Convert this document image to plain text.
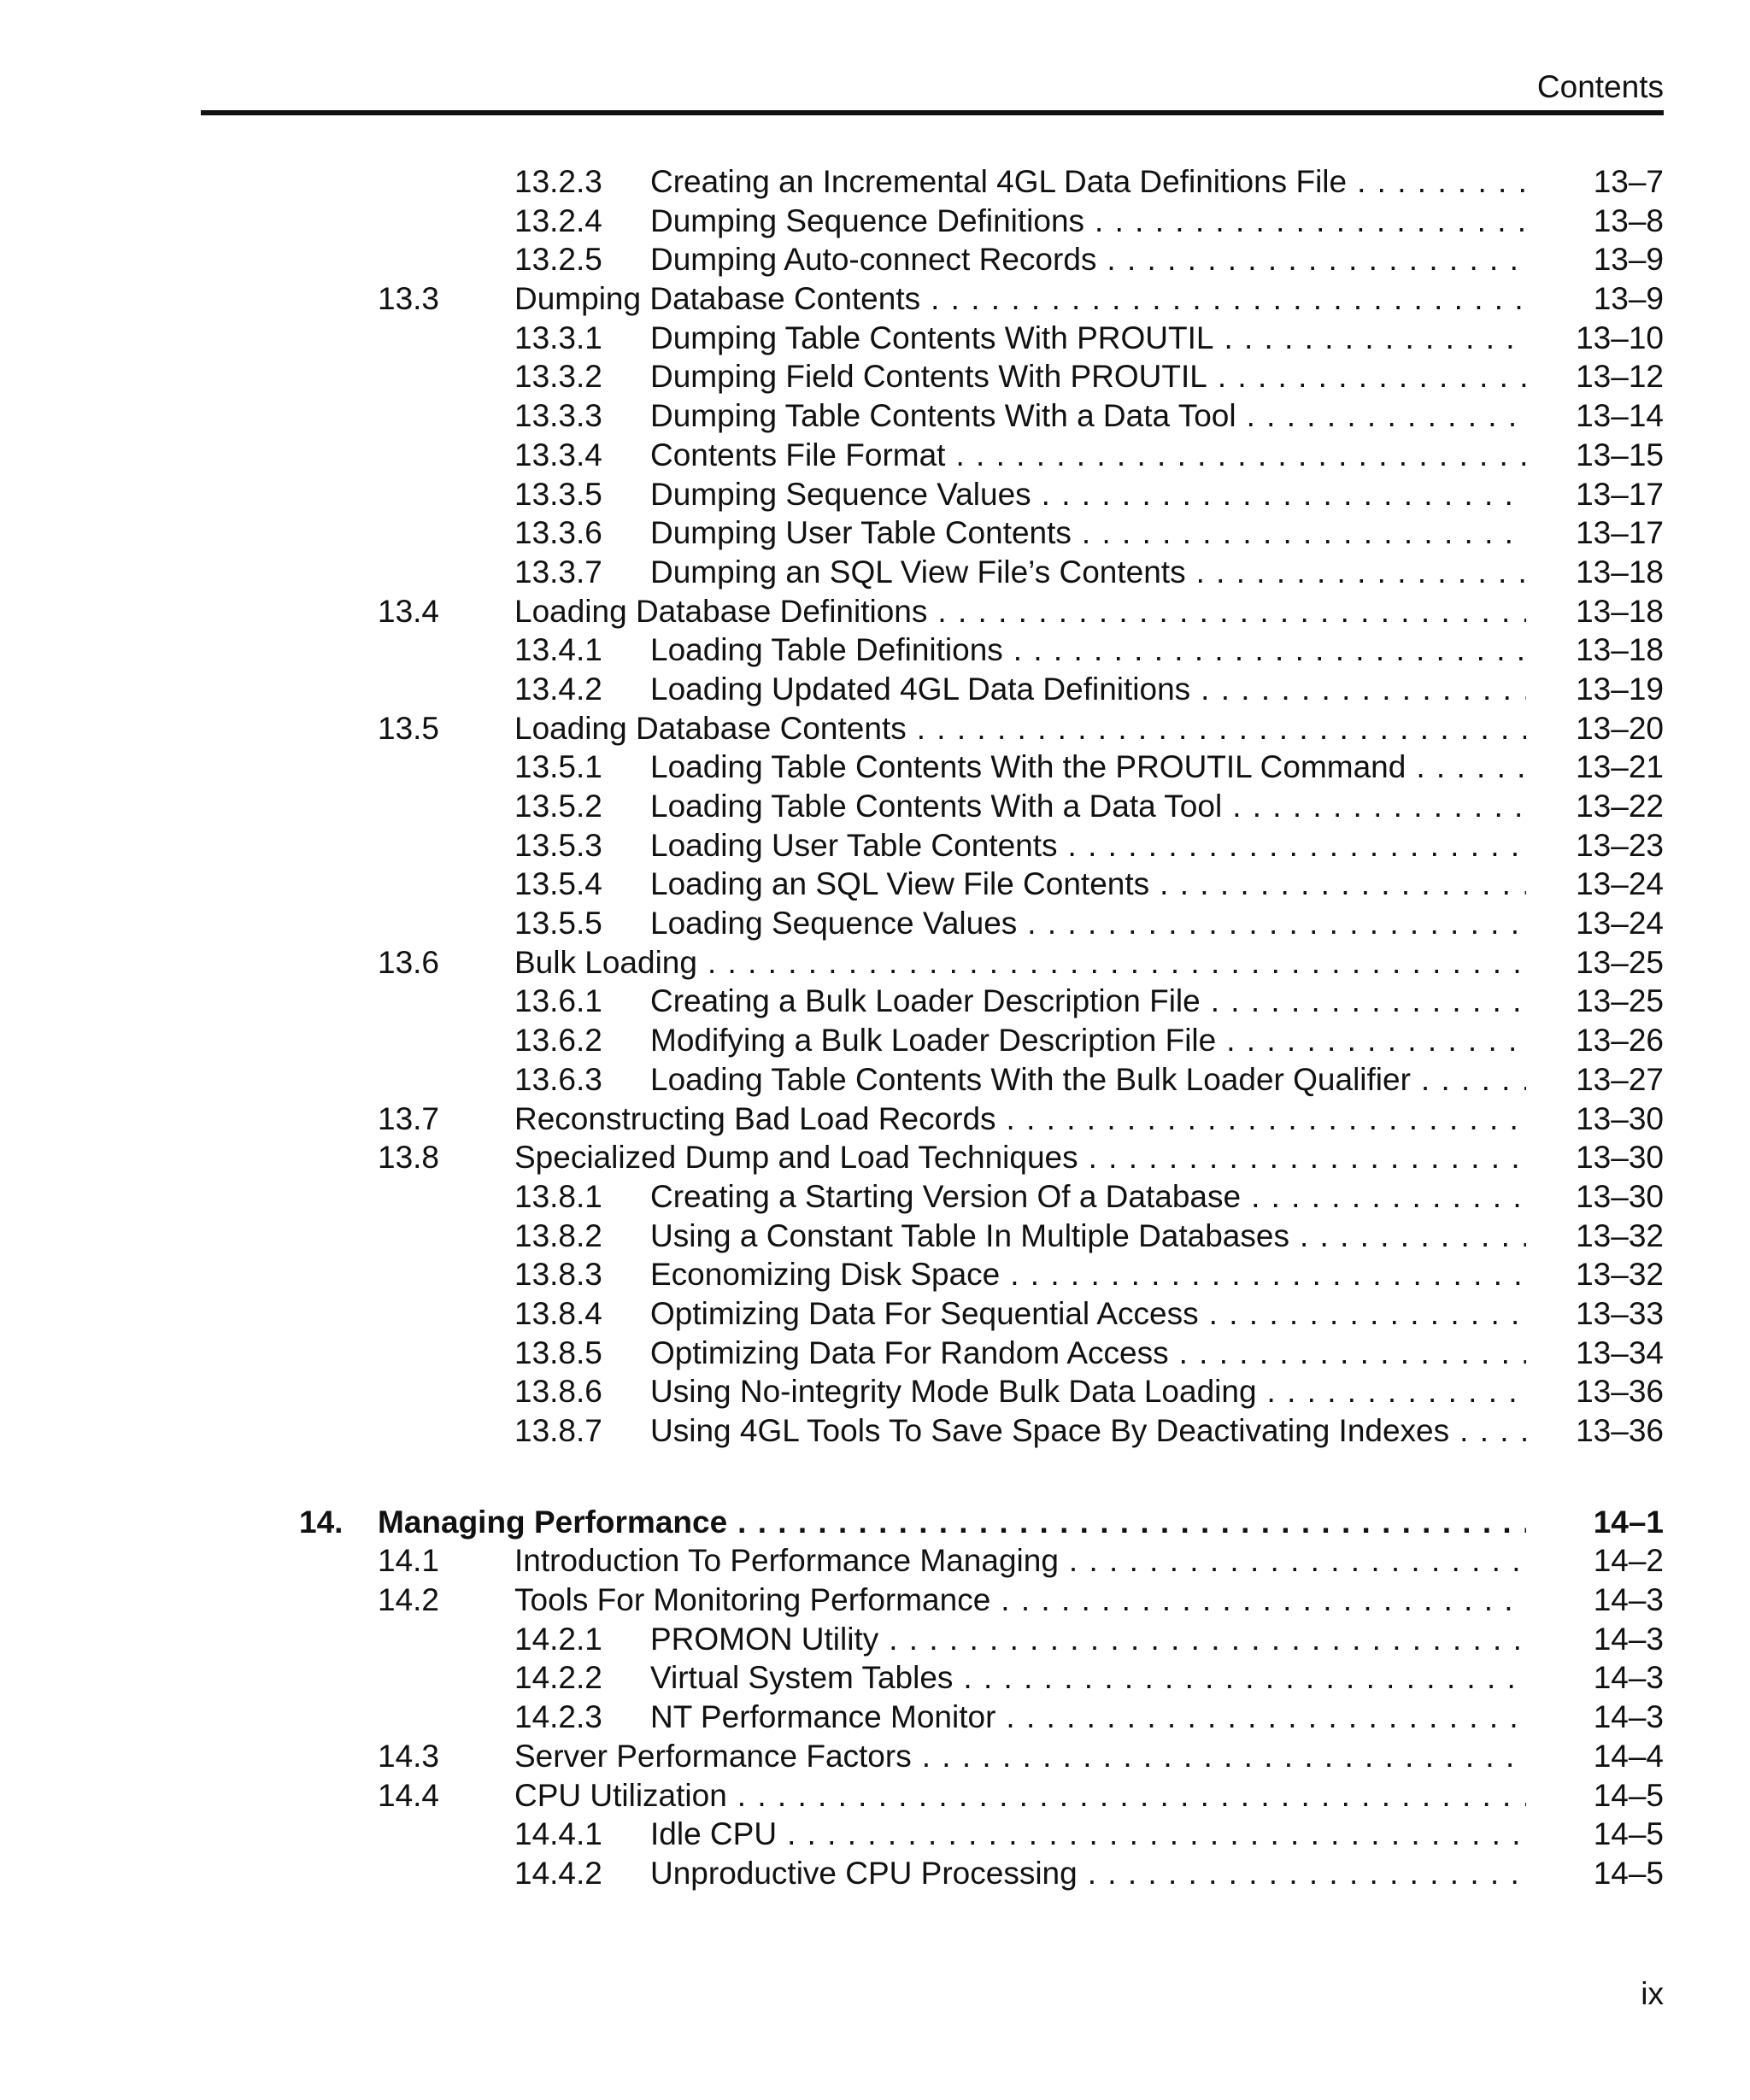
Contents
13.2.3 Creating an Incremental 4GL Data Definitions File . . .	13–7
13.2.4 Dumping Sequence Definitions . . .	13–8
13.2.5 Dumping Auto-connect Records . . .	13–9
13.3 Dumping Database Contents . . .	13–9
13.3.1 Dumping Table Contents With PROUTIL . . .	13–10
13.3.2 Dumping Field Contents With PROUTIL . . .	13–12
13.3.3 Dumping Table Contents With a Data Tool . . .	13–14
13.3.4 Contents File Format . . .	13–15
13.3.5 Dumping Sequence Values . . .	13–17
13.3.6 Dumping User Table Contents . . .	13–17
13.3.7 Dumping an SQL View File’s Contents . . .	13–18
13.4 Loading Database Definitions . . .	13–18
13.4.1 Loading Table Definitions . . .	13–18
13.4.2 Loading Updated 4GL Data Definitions . . .	13–19
13.5 Loading Database Contents . . .	13–20
13.5.1 Loading Table Contents With the PROUTIL Command . . .	13–21
13.5.2 Loading Table Contents With a Data Tool . . .	13–22
13.5.3 Loading User Table Contents . . .	13–23
13.5.4 Loading an SQL View File Contents . . .	13–24
13.5.5 Loading Sequence Values . . .	13–24
13.6 Bulk Loading . . .	13–25
13.6.1 Creating a Bulk Loader Description File . . .	13–25
13.6.2 Modifying a Bulk Loader Description File . . .	13–26
13.6.3 Loading Table Contents With the Bulk Loader Qualifier . . .	13–27
13.7 Reconstructing Bad Load Records . . .	13–30
13.8 Specialized Dump and Load Techniques . . .	13–30
13.8.1 Creating a Starting Version Of a Database . . .	13–30
13.8.2 Using a Constant Table In Multiple Databases . . .	13–32
13.8.3 Economizing Disk Space . . .	13–32
13.8.4 Optimizing Data For Sequential Access . . .	13–33
13.8.5 Optimizing Data For Random Access . . .	13–34
13.8.6 Using No-integrity Mode Bulk Data Loading . . .	13–36
13.8.7 Using 4GL Tools To Save Space By Deactivating Indexes . . .	13–36
14. Managing Performance . . .	14–1
14.1 Introduction To Performance Managing . . .	14–2
14.2 Tools For Monitoring Performance . . .	14–3
14.2.1 PROMON Utility . . .	14–3
14.2.2 Virtual System Tables . . .	14–3
14.2.3 NT Performance Monitor . . .	14–3
14.3 Server Performance Factors . . .	14–4
14.4 CPU Utilization . . .	14–5
14.4.1 Idle CPU . . .	14–5
14.4.2 Unproductive CPU Processing . . .	14–5
ix
